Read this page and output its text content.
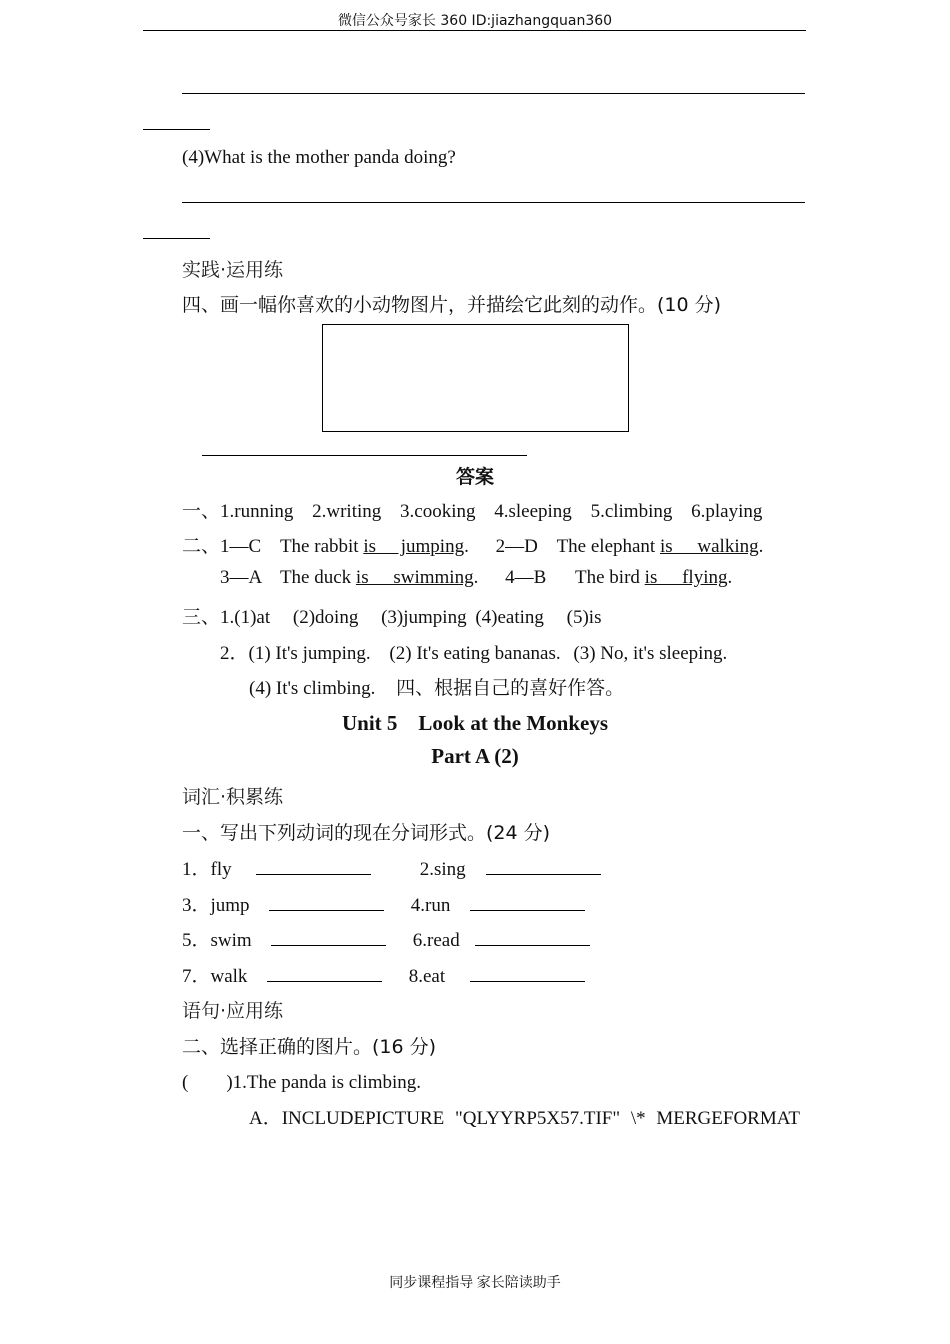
微信公众号家长 360 ID:jiazhangquan360
(4)What is the mother panda doing?
实践·运用练
四、画一幅你喜欢的小动物图片，并描绘它此刻的动作。(10 分)
答案
一、1.running 2.writing 3.cooking 4.sleeping 5.climbing 6.playing
二、1—C The rabbit is jumping. 2—D The elephant is walking.
3—A The duck is swimming. 4—B The bird is flying.
三、1.(1)at (2)doing (3)jumping (4)eating (5)is
2．(1) It's jumping. (2) It's eating bananas. (3) No, it's sleeping.
(4) It's climbing. 四、根据自己的喜好作答。
Unit 5　Look at the Monkeys
Part A (2)
词汇·积累练
一、写出下列动词的现在分词形式。(24 分)
1．fly	2.sing
3．jump	4.run
5．swim	6.read
7．walk	8.eat
语句·应用练
二、选择正确的图片。(16 分)
(　　)1.The panda is climbing.
A．INCLUDEPICTURE "QLYYRP5X57.TIF" \* MERGEFORMAT
同步课程指导 家长陪读助手
